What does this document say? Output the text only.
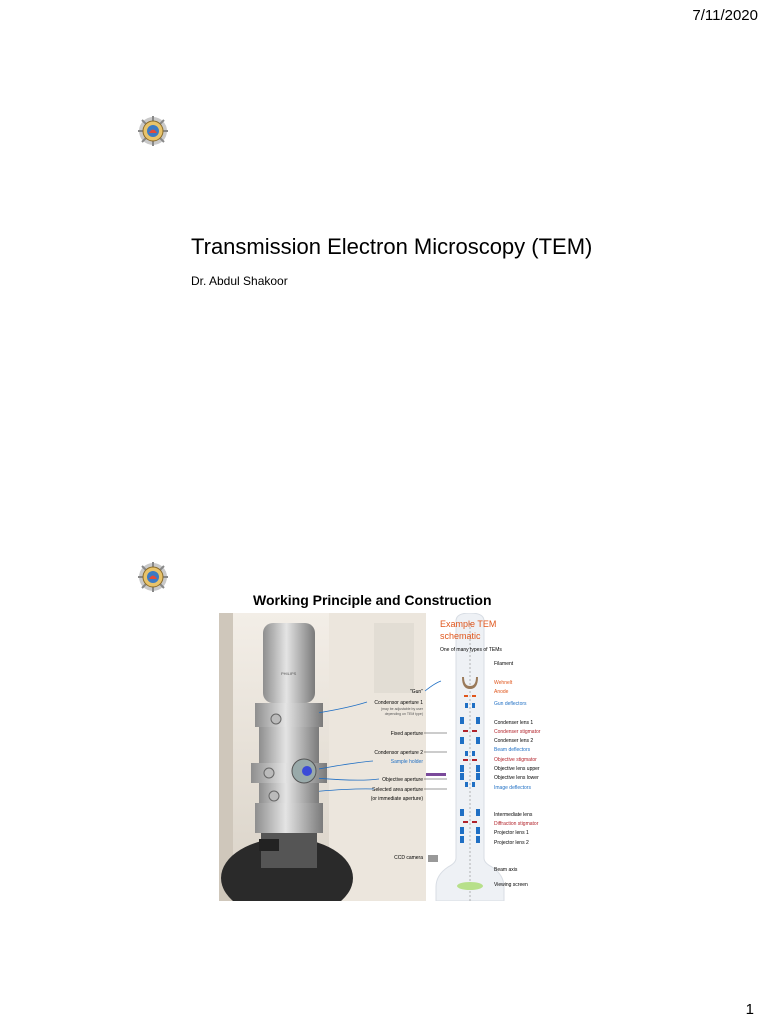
7/11/2020
Transmission Electron Microscopy (TEM)
Dr. Abdul Shakoor
Working Principle and Construction
PHILIPS
Example TEM
schematic
One of many types of TEMs
Filament
Wehnelt
Anode
Gun deflectors
Condenser lens 1
Condenser stigmator
Condenser lens 2
Beam deflectors
Objective stigmator
Objective lens upper
Objective lens lower
Image deflectors
Intermediate lens
Diffraction stigmator
Projector lens 1
Projector lens 2
Beam axis
Viewing screen
"Gun"
Condensor aperture 1
(may be adjustable by user
depending on TEM type)
Fixed aperture
Condensor aperture 2
Sample holder
Objective aperture
Selected area aperture
(or immediate aperture)
CCD camera
1
